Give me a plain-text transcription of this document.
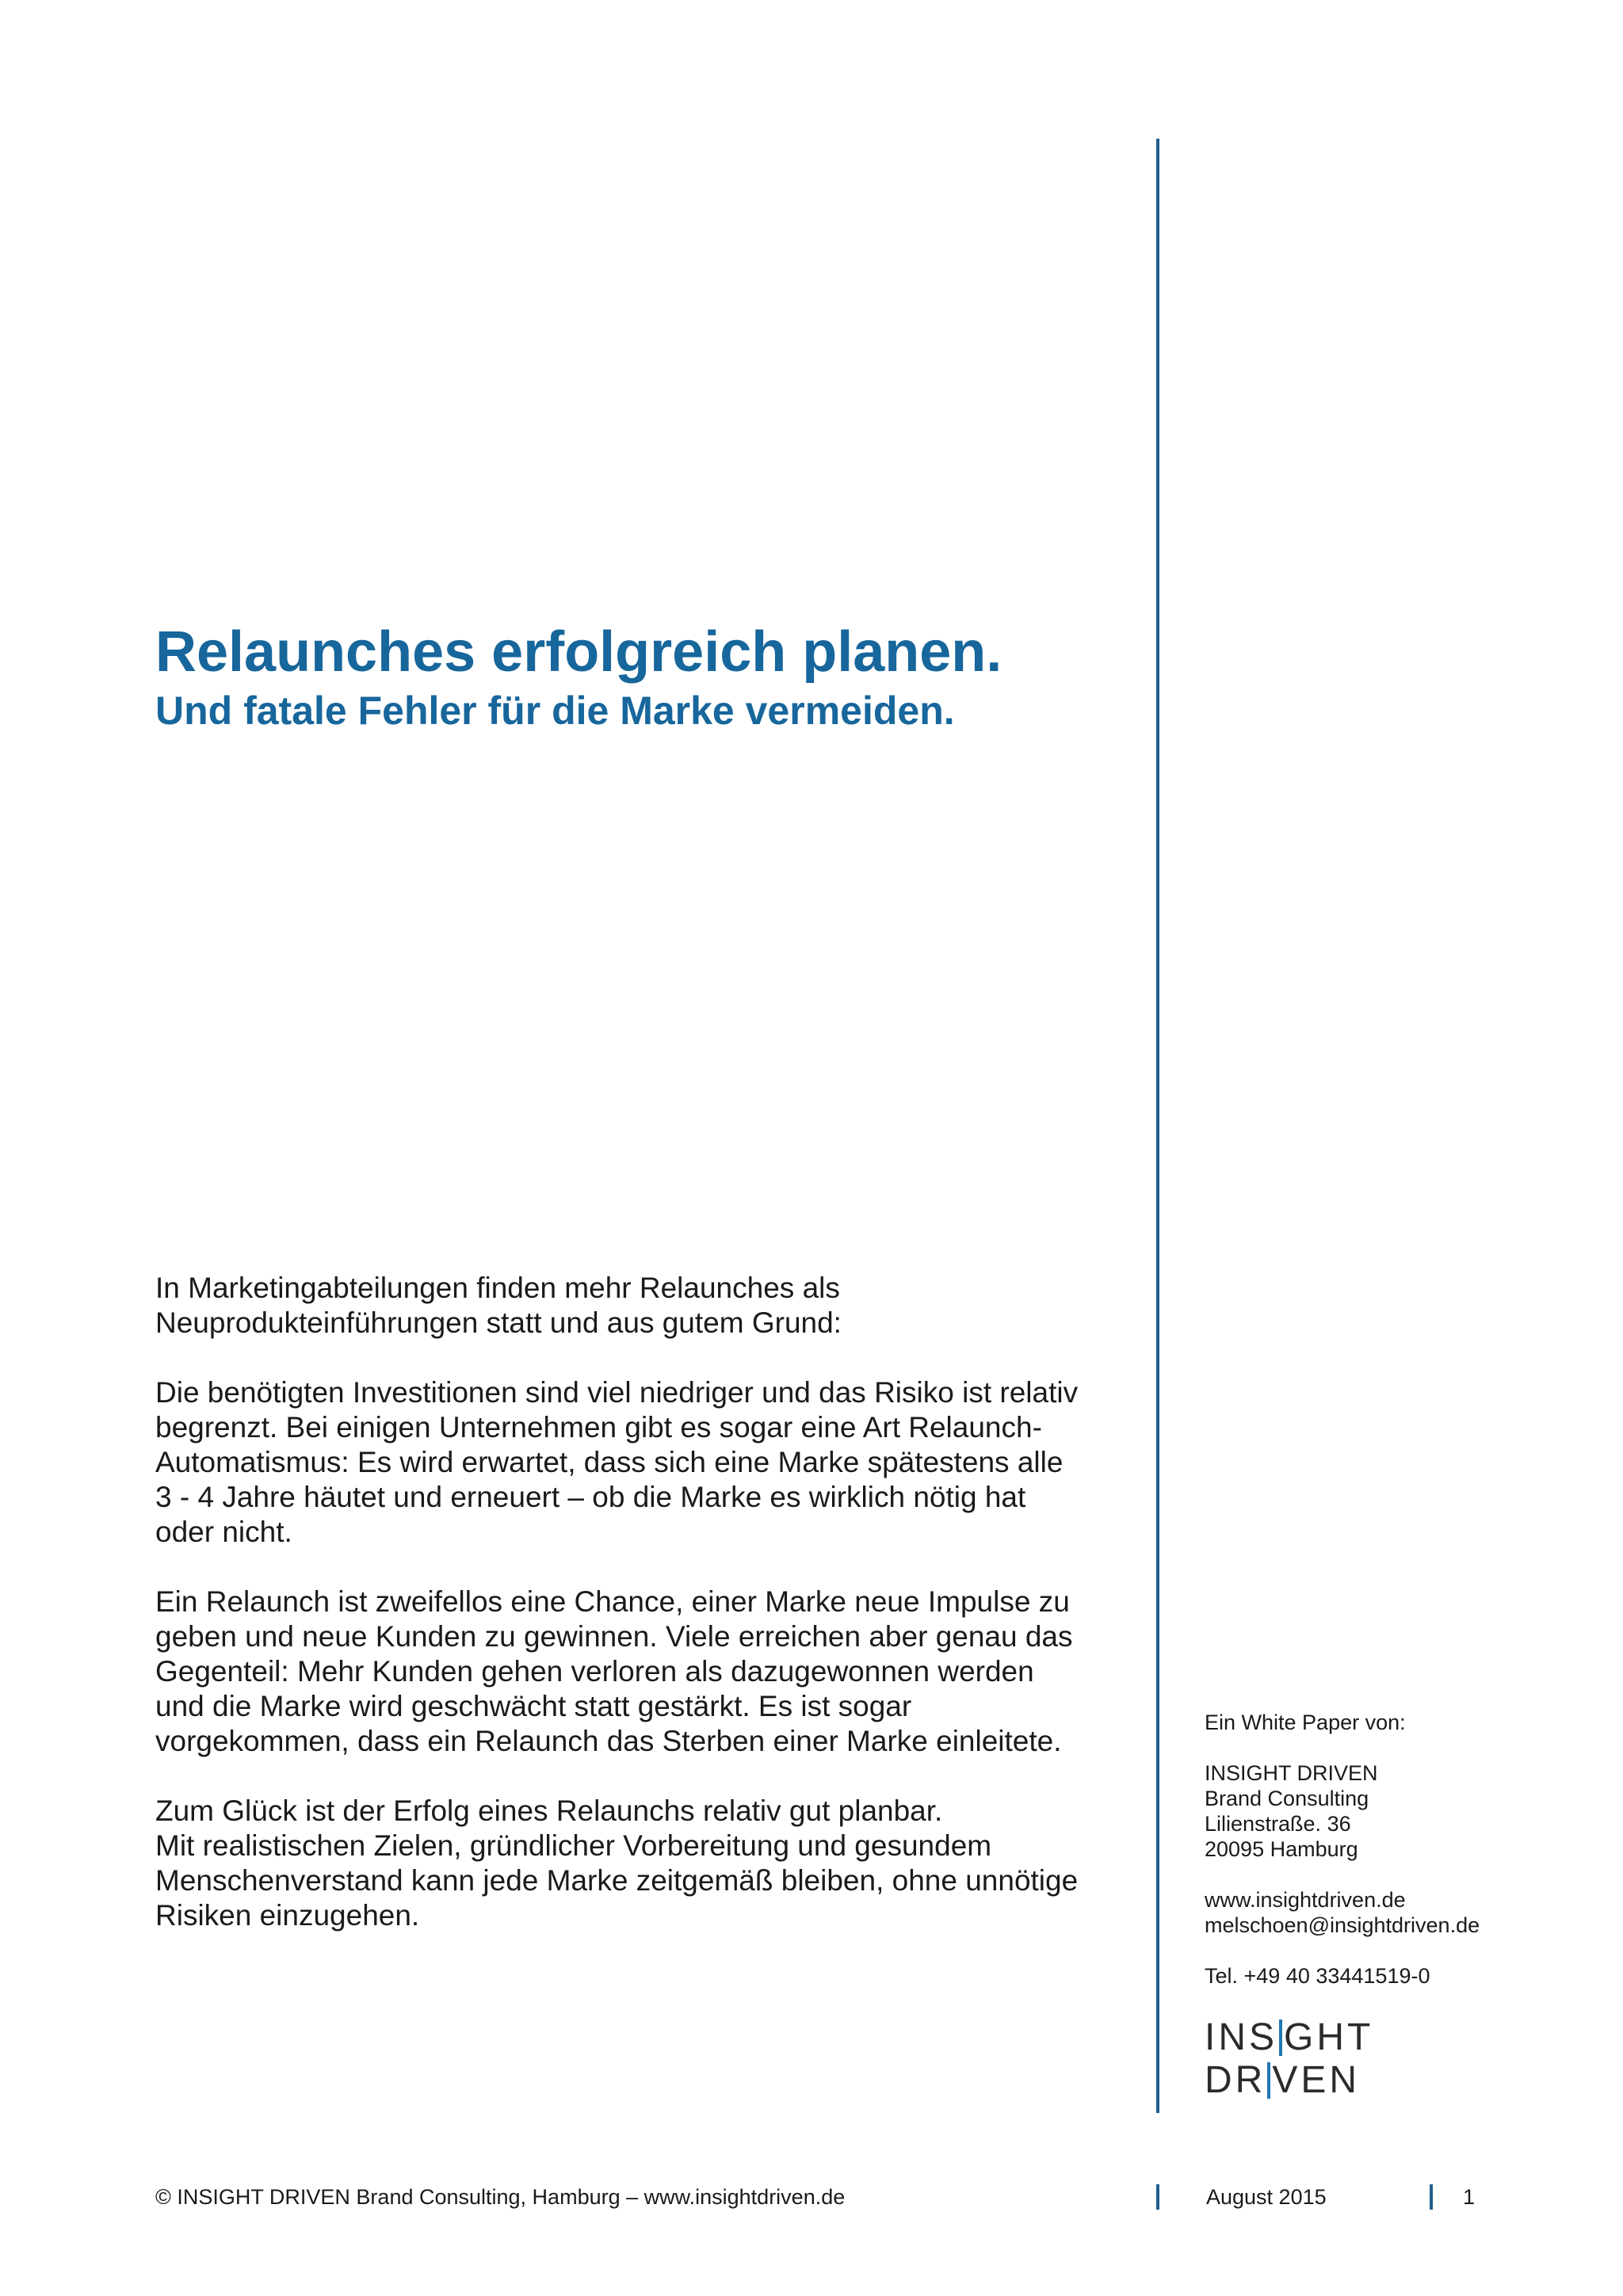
Relaunches erfolgreich planen.
Und fatale Fehler für die Marke vermeiden.

In Marketingabteilungen finden mehr Relaunches als
Neuprodukteinführungen statt und aus gutem Grund:

Die benötigten Investitionen sind viel niedriger und das Risiko ist relativ
begrenzt. Bei einigen Unternehmen gibt es sogar eine Art Relaunch-
Automatismus: Es wird erwartet, dass sich eine Marke spätestens alle
3 - 4 Jahre häutet und erneuert – ob die Marke es wirklich nötig hat
oder nicht.

Ein Relaunch ist zweifellos eine Chance, einer Marke neue Impulse zu
geben und neue Kunden zu gewinnen. Viele erreichen aber genau das
Gegenteil: Mehr Kunden gehen verloren als dazugewonnen werden
und die Marke wird geschwächt statt gestärkt. Es ist sogar
vorgekommen, dass ein Relaunch das Sterben einer Marke einleitete.

Zum Glück ist der Erfolg eines Relaunchs relativ gut planbar.
Mit realistischen Zielen, gründlicher Vorbereitung und gesundem
Menschenverstand kann jede Marke zeitgemäß bleiben, ohne unnötige
Risiken einzugehen.

Ein White Paper von:

INSIGHT DRIVEN

Brand Consulting

Lilienstraße. 36

20095 Hamburg

www.insightdriven.de

melschoen@insightdriven.de

Tel. +49 40 33441519-0

INS GHT
DR VEN
© INSIGHT DRIVEN Brand Consulting, Hamburg – www.insightdriven.de	August 2015	1
